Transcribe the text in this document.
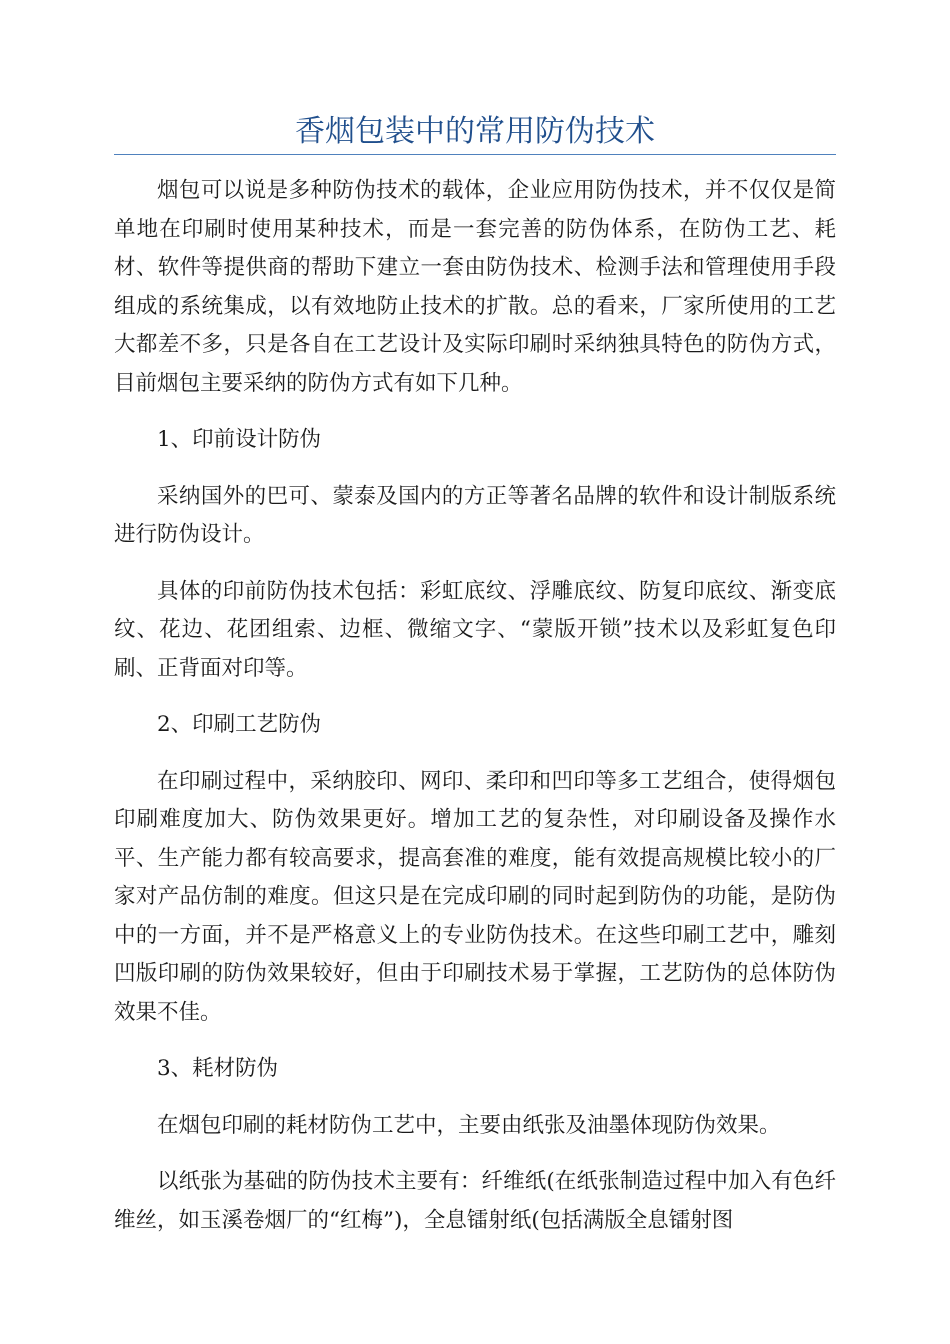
香烟包装中的常用防伪技术

烟包可以说是多种防伪技术的载体，企业应用防伪技术，并不仅仅是简单地在印刷时使用某种技术，而是一套完善的防伪体系，在防伪工艺、耗材、软件等提供商的帮助下建立一套由防伪技术、检测手法和管理使用手段组成的系统集成，以有效地防止技术的扩散。总的看来，厂家所使用的工艺大都差不多，只是各自在工艺设计及实际印刷时采纳独具特色的防伪方式，目前烟包主要采纳的防伪方式有如下几种。

1、印前设计防伪

采纳国外的巴可、蒙泰及国内的方正等著名品牌的软件和设计制版系统进行防伪设计。

具体的印前防伪技术包括：彩虹底纹、浮雕底纹、防复印底纹、渐变底纹、花边、花团组索、边框、微缩文字、“蒙版开锁”技术以及彩虹复色印刷、正背面对印等。

2、印刷工艺防伪

在印刷过程中，采纳胶印、网印、柔印和凹印等多工艺组合，使得烟包印刷难度加大、防伪效果更好。增加工艺的复杂性，对印刷设备及操作水平、生产能力都有较高要求，提高套准的难度，能有效提高规模比较小的厂家对产品仿制的难度。但这只是在完成印刷的同时起到防伪的功能，是防伪中的一方面，并不是严格意义上的专业防伪技术。在这些印刷工艺中，雕刻凹版印刷的防伪效果较好，但由于印刷技术易于掌握，工艺防伪的总体防伪效果不佳。

3、耗材防伪

在烟包印刷的耗材防伪工艺中，主要由纸张及油墨体现防伪效果。

以纸张为基础的防伪技术主要有：纤维纸(在纸张制造过程中加入有色纤维丝，如玉溪卷烟厂的“红梅”)，全息镭射纸(包括满版全息镭射图
